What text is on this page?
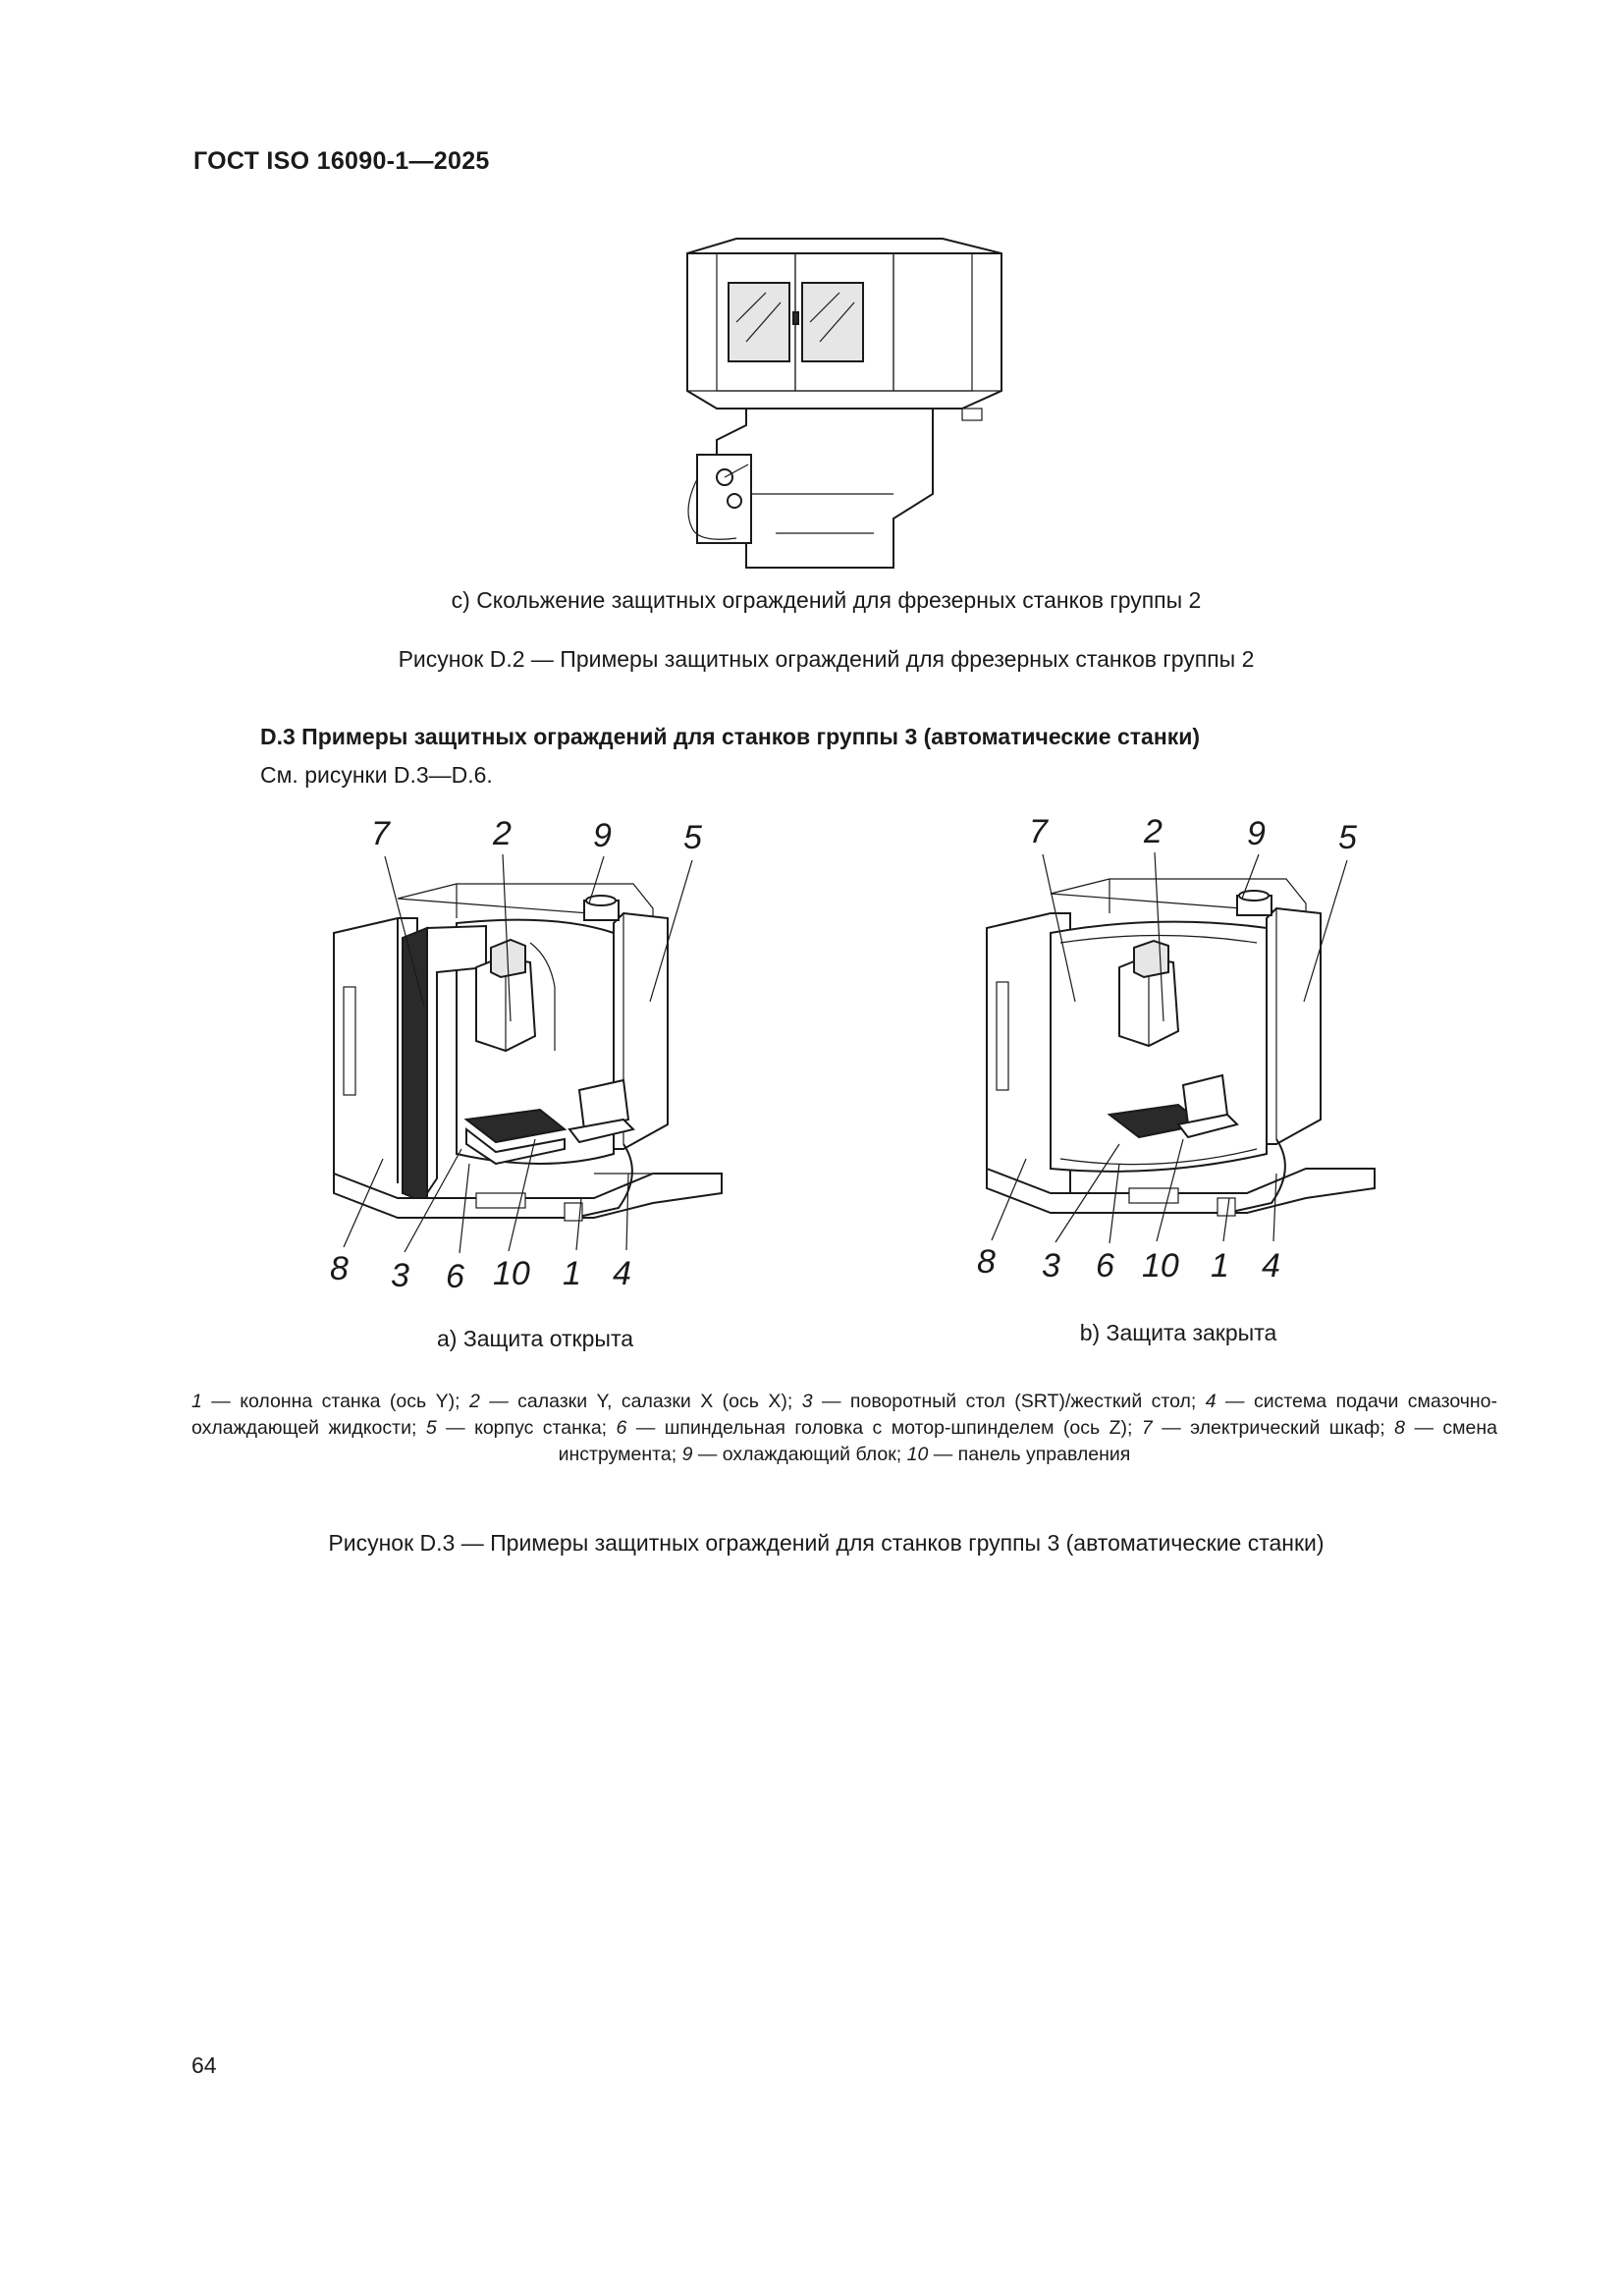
ГОСТ ISO 16090-1—2025
с) Скольжение защитных ограждений для фрезерных станков группы 2
Рисунок D.2 — Примеры защитных ограждений для фрезерных станков группы 2
D.3 Примеры защитных ограждений для станков группы 3 (автоматические станки)
См. рисунки D.3—D.6.
7	2 9 5
8 3 6 10 1 4
а) Защита открыта
7	2	9 5
8 3 6 10 1 4
b) Защита закрыта
1 — колонна станка (ось Y); 2 — салазки Y, салазки X (ось X); 3 — поворотный стол (SRT)/жесткий стол; 4 — система подачи смазочно-охлаждающей жидкости; 5 — корпус станка; 6 — шпиндельная головка с мотор-шпинделем (ось Z); 7 — электрический шкаф; 8 — смена инструмента; 9 — охлаждающий блок; 10 — панель управления
Рисунок D.3 — Примеры защитных ограждений для станков группы 3 (автоматические станки)
64
